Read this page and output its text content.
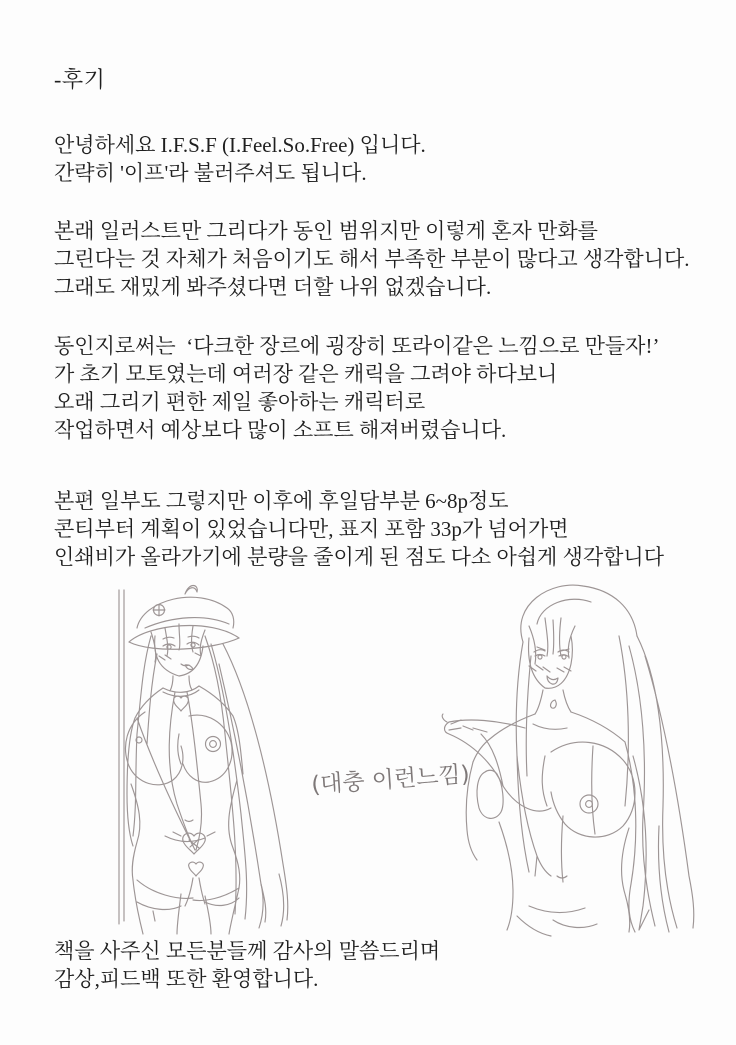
-후기
안녕하세요 I.F.S.F (I.Feel.So.Free) 입니다.
간략히 '이프'라 불러주셔도 됩니다.
본래 일러스트만 그리다가 동인 범위지만 이렇게 혼자 만화를
그린다는 것 자체가 처음이기도 해서 부족한 부분이 많다고 생각합니다.
그래도 재밌게 봐주셨다면 더할 나위 없겠습니다.
동인지로써는  ‘다크한 장르에 굉장히 또라이같은 느낌으로 만들자!’
가 초기 모토였는데 여러장 같은 캐릭을 그려야 하다보니
오래 그리기 편한 제일 좋아하는 캐릭터로
작업하면서 예상보다 많이 소프트 해져버렸습니다.
본편 일부도 그렇지만 이후에 후일담부분 6~8p정도
콘티부터 계획이 있었습니다만, 표지 포함 33p가 넘어가면
인쇄비가 올라가기에 분량을 줄이게 된 점도 다소 아쉽게 생각합니다
(대충 이런느낌)
책을 사주신 모든분들께 감사의 말씀드리며
감상,피드백 또한 환영합니다.
